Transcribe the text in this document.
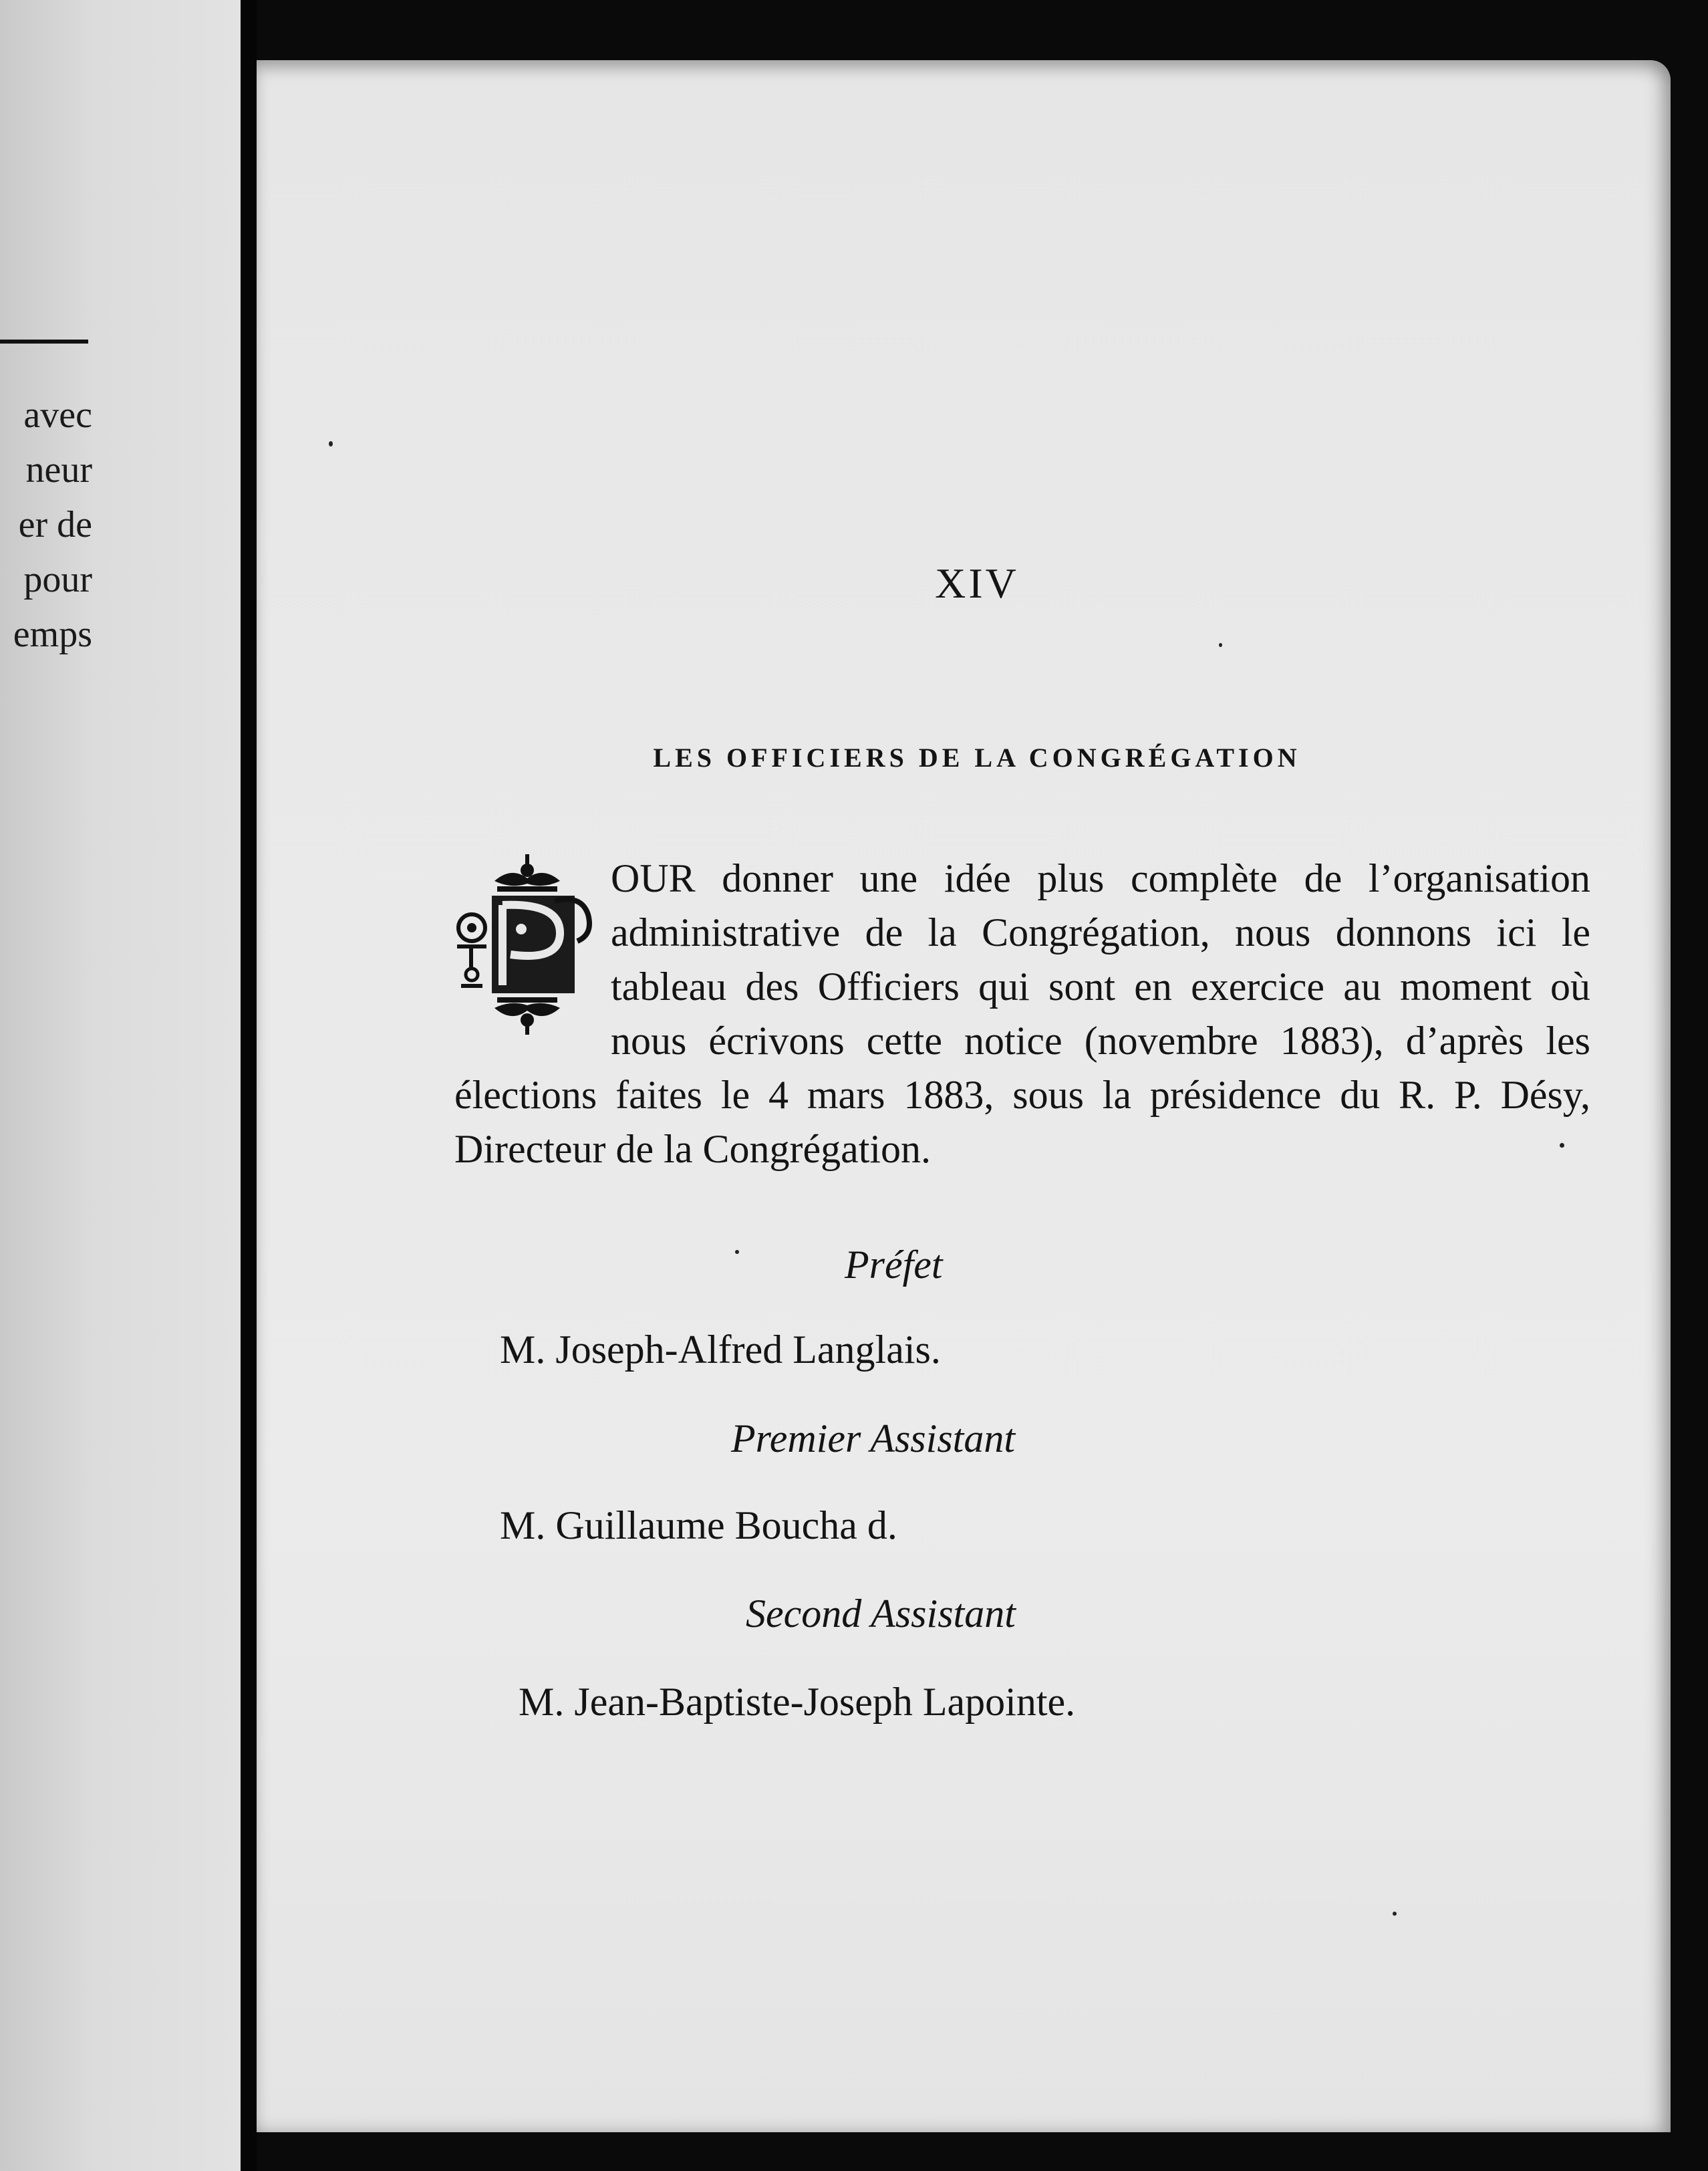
avec
neur
er de
pour
emps
XIV
LES OFFICIERS DE LA CONGRÉGATION
OUR donner une idée plus complète de l’organisation administrative de la Congrégation, nous donnons ici le tableau des Officiers qui sont en exercice au moment où nous écrivons cette notice (novembre 1883), d’après les élections faites le 4 mars 1883, sous la présidence du R. P. Désy, Directeur de la Congrégation.
Préfet
M. Joseph-Alfred Langlais.
Premier Assistant
M. Guillaume Boucha d.
Second Assistant
M. Jean-Baptiste-Joseph Lapointe.
